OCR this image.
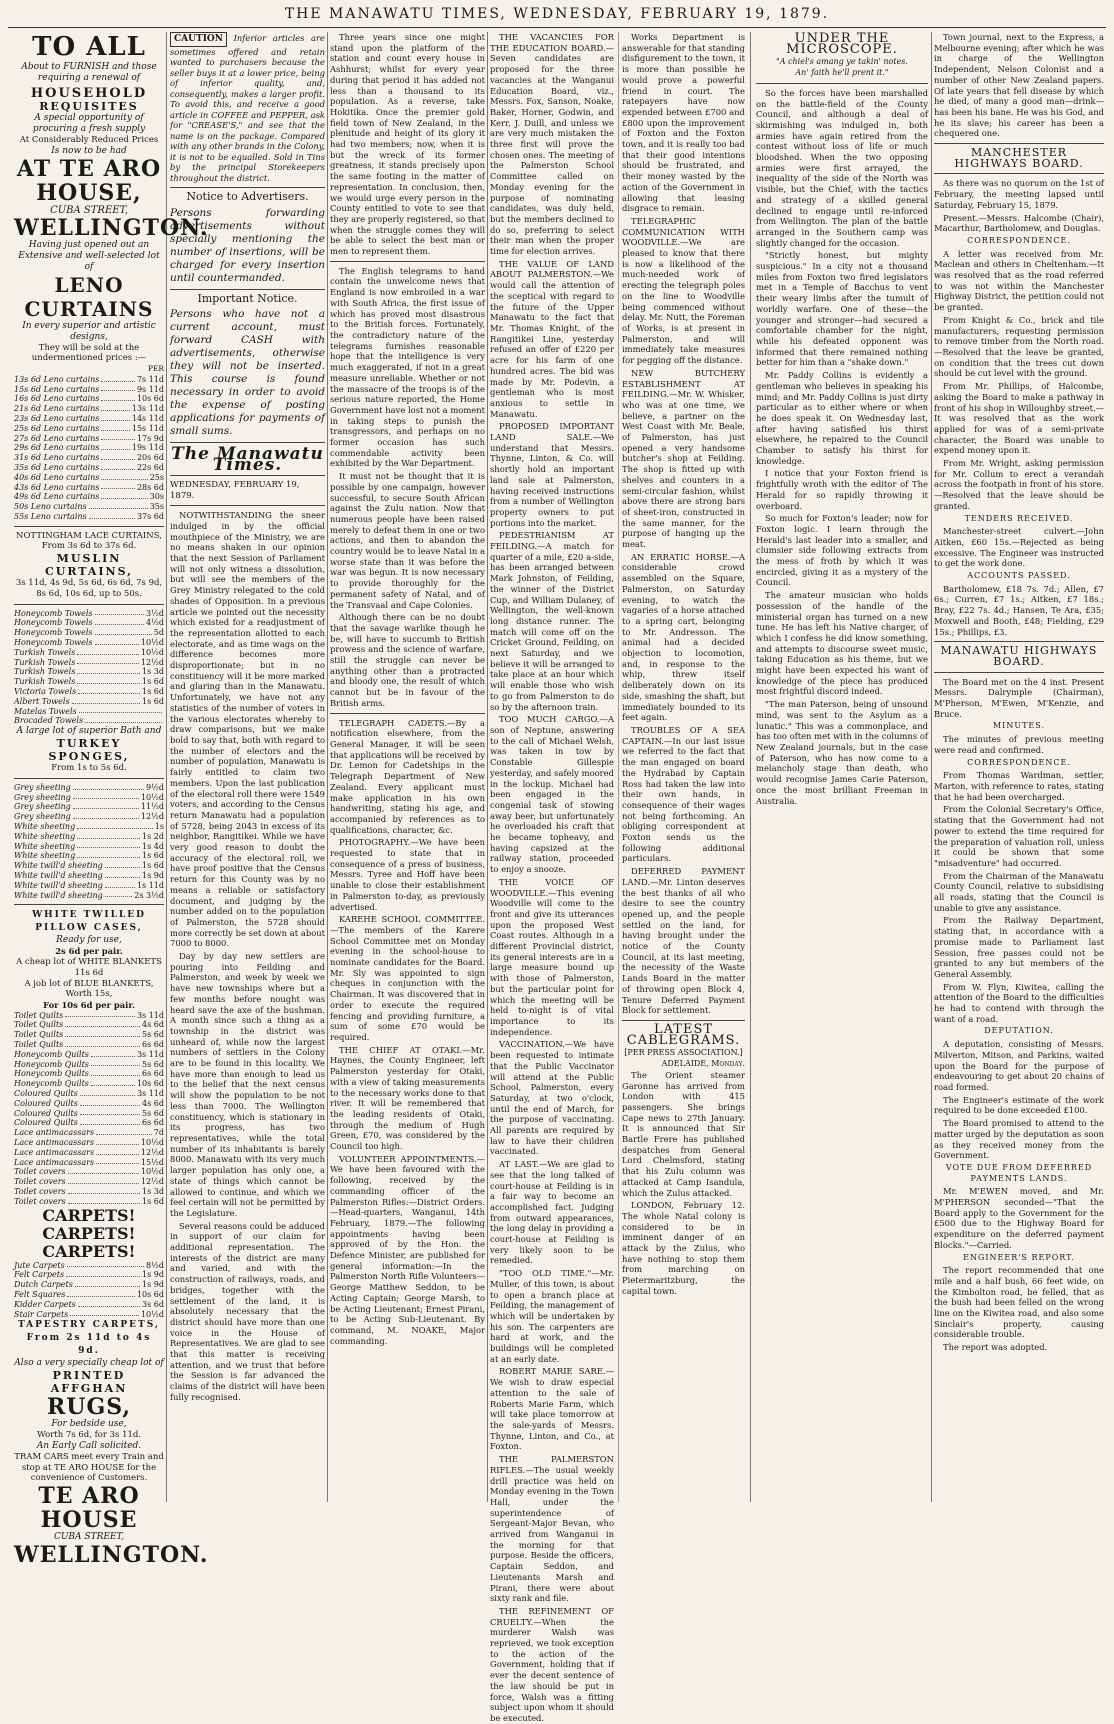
THE MANAWATU TIMES, WEDNESDAY, FEBRUARY 19, 1879.
TO ALL
About to FURNISH and those requiring a renewal of
HOUSEHOLD
REQUISITES
A special opportunity of procuring a fresh supply
At Considerably Reduced Prices
Is now to be had
AT TE ARO HOUSE,
CUBA STREET,
WELLINGTON.
Having just opened out an Extensive and well-selected lot of
LENO CURTAINS
In every superior and artistic designs,
They will be sold at the undermentioned prices :—
PER
13s 6d Leno curtains	7s 11d
15s 6d Leno curtains	9s 11d
16s 6d Leno curtains	10s 6d
21s 6d Leno curtains	13s 11d
23s 6d Leno curtains	14s 11d
25s 6d Leno curtains	15s 11d
27s 6d Leno curtains	17s 9d
29s 6d Leno curtains	19s 11d
31s 6d Leno curtains	20s 6d
35s 6d Leno curtains	22s 6d
40s 6d Leno curtains	25s
43s 6d Leno curtains	28s 6d
49s 6d Leno curtains	30s
50s Leno curtains	35s
55s Leno curtains	37s 6d
NOTTINGHAM LACE CURTAINS, From 3s 6d to 37s 6d.
MUSLIN CURTAINS,
3s 11d, 4s 9d, 5s 6d, 6s 6d, 7s 9d, 8s 6d, 10s 6d, up to 50s.
Honeycomb Towels	3½d
Honeycomb Towels	4½d
Honeycomb Towels	5d
Honeycomb Towels	10½d
Turkish Towels	10½d
Turkish Towels	12½d
Turkish Towels	1s 3d
Turkish Towels	1s 6d
Victoria Towels	1s 6d
Albert Towels	1s 6d
Matelas Towels
Brocaded Towels
A large lot of superior Bath and
TURKEY SPONGES,
From 1s to 5s 6d.
Grey sheeting	9½d
Grey sheeting	10½d
Grey sheeting	11½d
Grey sheeting	12½d
White sheeting	1s
White sheeting	1s 2d
White sheeting	1s 4d
White sheeting	1s 6d
White twill'd sheeting	1s 6d
White twill'd sheeting	1s 9d
White twill'd sheeting	1s 11d
White twill'd sheeting	2s 3½d
WHITE TWILLED PILLOW CASES,
Ready for use,
2s 6d per pair.
A cheap lot of WHITE BLANKETS 11s 6d
A job lot of BLUE BLANKETS,
Worth 15s,
For 10s 6d per pair.
Toilet Quilts	3s 11d
Toilet Quilts	4s 6d
Toilet Quilts	5s 6d
Toilet Quilts	6s 6d
Honeycomb Quilts	3s 11d
Honeycomb Quilts	5s 6d
Honeycomb Quilts	6s 6d
Honeycomb Quilts	10s 6d
Coloured Quilts	3s 11d
Coloured Quilts	4s 6d
Coloured Quilts	5s 6d
Coloured Quilts	6s 6d
Lace antimacassars	7d
Lace antimacassars	10½d
Lace antimacassars	12½d
Lace antimacassars	15½d
Toilet covers	10½d
Toilet covers	12½d
Toilet covers	1s 3d
Toilet covers	1s 6d
CARPETS! CARPETS! CARPETS!
Jute Carpets	8½d
Felt Carpets	1s 9d
Dutch Carpets	1s 9d
Felt Squares	10s 6d
Kidder Carpets	3s 6d
Stair Carpets	10½d
TAPESTRY CARPETS, From 2s 11d to 4s 9d.
Also a very specially cheap lot of
PRINTED AFFGHAN
RUGS,
For bedside use,
Worth 7s 6d, for 3s 11d.
An Early Call solicited.
TRAM CARS meet every Train and stop at TE ARO HOUSE for the convenience of Customers.
TE ARO HOUSE
CUBA STREET,
WELLINGTON.
CAUTION Inferior articles are sometimes offered and retain wanted to purchasers because the seller buys it at a lower price, being of inferior quality, and, consequently, makes a larger profit. To avoid this, and receive a good article in COFFEE and PEPPER, ask for "CREASE'S," and see that the name is on the package. Compared with any other brands in the Colony, it is not to be equalled. Sold in Tins by the principal Storekeepers throughout the district.
Notice to Advertisers.
Persons forwarding advertisements without specially mentioning the number of insertions, will be charged for every insertion until countermanded.
Important Notice.
Persons who have not a current account, must forward CASH with advertisements, otherwise they will not be inserted. This course is found necessary in order to avoid the expense of posting applications for payments of small sums.
The Manawatu Times.
WEDNESDAY, FEBRUARY 19, 1879.

NOTWITHSTANDING the sneer indulged in by the official mouthpiece of the Ministry, we are no means shaken in our opinion that the next Session of Parliament will not only witness a dissolution, but will see the members of the Grey Ministry relegated to the cold shades of Opposition. In a previous article we pointed out the necessity which existed for a readjustment of the representation allotted to each electorate, and as time wags on the difference becomes more disproportionate; but in no constituency will it be more marked and glaring than in the Manawatu. Unfortunately, we have not any statistics of the number of voters in the various electorates whereby to draw comparisons, but we make bold to say that, both with regard to the number of electors and the number of population, Manawatu is fairly entitled to claim two members. Upon the last publication of the electoral roll there were 1549 voters, and according to the Census return Manawatu had a population of 5728, being 2043 in excess of its neighbor, Rangitikei. While we have very good reason to doubt the accuracy of the electoral roll, we have proof positive that the Census return for this County was by no means a reliable or satisfactory document, and judging by the number added on to the population of Palmerston, the 5728 should more correctly be set down at about 7000 to 8000.

Day by day new settlers are pouring into Feilding and Palmerston, and week by week we have new townships where but a few months before nought was heard save the axe of the bushman. A month since such a thing as a township in the district was unheard of, while now the largest numbers of settlers in the Colony are to be found in this locality. We have more than enough to lead us to the belief that the next census will show the population to be not less than 7000. The Wellington constituency, which is stationary in its progress, has two representatives, while the total number of its inhabitants is barely 8000. Manawatu with its very much larger population has only one, a state of things which cannot be allowed to continue, and which we feel certain will not be permitted by the Legislature.

Several reasons could be adduced in support of our claim for additional representation. The interests of the district are many and varied, and with the construction of railways, roads, and bridges, together with the settlement of the land, it is absolutely necessary that the district should have more than one voice in the House of Representatives. We are glad to see that this matter is receiving attention, and we trust that before the Session is far advanced the claims of the district will have been fully recognised.

Three years since one might stand upon the platform of the station and count every house in Ashhurst; whilst for every year during that period it has added not less than a thousand to its population. As a reverse, take Hokitika. Once the premier gold field town of New Zealand, in the plenitude and height of its glory it had two members; now, when it is but the wreck of its former greatness, it stands precisely upon the same footing in the matter of representation. In conclusion, then, we would urge every person in the County entitled to vote to see that they are properly registered, so that when the struggle comes they will be able to select the best man or men to represent them.

The English telegrams to hand contain the unwelcome news that England is now embroiled in a war with South Africa, the first issue of which has proved most disastrous to the British forces. Fortunately, the contradictory nature of the telegrams furnishes reasonable hope that the intelligence is very much exaggerated, if not in a great measure unreliable. Whether or not the massacre of the troops is of the serious nature reported, the Home Government have lost not a moment in taking steps to punish the transgressors, and perhaps on no former occasion has such commendable activity been exhibited by the War Department.

It must not be thought that it is possible by one campaign, however successful, to secure South African against the Zulu nation. Now that numerous people have been raised merely to defeat them in one or two actions, and then to abandon the country would be to leave Natal in a worse state than it was before the war was begun. It is now necessary to provide thoroughly for the permanent safety of Natal, and of the Transvaal and Cape Colonies.

Although there can be no doubt that the savage warlike though he be, will have to succumb to British prowess and the science of warfare, still the struggle can never be anything other than a protracted and bloody one, the result of which cannot but be in favour of the British arms.

TELEGRAPH CADETS.—By a notification elsewhere, from the General Manager, it will be seen that applications will be received by Dr. Lemon for Cadetships in the Telegraph Department of New Zealand. Every applicant must make application in his own handwriting, stating his age, and accompanied by references as to qualifications, character, &c.

PHOTOGRAPHY.—We have been requested to state that in consequence of a press of business, Messrs. Tyree and Hoff have been unable to close their establishment in Palmerston to-day, as previously advertised.

KAREHE SCHOOL COMMITTEE.—The members of the Karere School Committee met on Monday evening in the school-house to nominate candidates for the Board. Mr. Sly was appointed to sign cheques in conjunction with the Chairman. It was discovered that in order to execute the required fencing and providing furniture, a sum of some £70 would be required.

THE CHIEF AT OTAKI.—Mr. Haynes, the County Engineer, left Palmerston yesterday for Otaki, with a view of taking measurements to the necessary works done to that river. It will be remembered that the leading residents of Otaki, through the medium of Hugh Green, £70, was considered by the Council too high.

VOLUNTEER APPOINTMENTS.—We have been favoured with the following, received by the commanding officer of the Palmerston Rifles:—District Orders.—Head-quarters, Wanganui, 14th February, 1879.—The following appointments having been approved of by the Hon. the Defence Minister, are published for general information:—In the Palmerston North Rifle Volunteers—George Matthew Seddon, to be Acting Captain; George Marsh, to be Acting Lieutenant; Ernest Pirani, to be Acting Sub-Lieutenant. By command, M. NOAKE, Major commanding.

THE VACANCIES FOR THE EDUCATION BOARD.—Seven candidates are proposed for the three vacancies at the Wanganui Education Board, viz., Messrs. Fox, Sanson, Noake, Baker, Horner, Godwin, and Kerr, J. Duill, and unless we are very much mistaken the three first will prove the chosen ones. The meeting of the Palmerston School Committee called on Monday evening for the purpose of nominating candidates, was duly held, but the members declined to do so, preferring to select their man when the proper time for election arrives.

THE VALUE OF LAND ABOUT PALMERSTON.—We would call the attention of the sceptical with regard to the future of the Upper Manawatu to the fact that Mr. Thomas Knight, of the Rangitikei Line, yesterday refused an offer of £220 per acre for his farm of one hundred acres. The bid was made by Mr. Podevin, a gentleman who is most anxious to settle in Manawatu.

PROPOSED IMPORTANT LAND SALE.—We understand that Messrs. Thynne, Linton, & Co. will shortly hold an important land sale at Palmerston, having received instructions from a number of Wellington property owners to put portions into the market.

PEDESTRIANISM AT FEILDING.—A match for quarter of a mile, £20 a-side, has been arranged between Mark Johnston, of Feilding, the winner of the District Cup, and William Dulaney, of Wellington, the well-known long distance runner. The match will come off on the Cricket Ground, Feilding, on next Saturday, and we believe it will be arranged to take place at an hour which will enable those who wish to go from Palmerston to do so by the afternoon train.

TOO MUCH CARGO.—A son of Neptune, answering to the call of Michael Welsh, was taken in tow by Constable Gillespie yesterday, and safely moored in the lockup. Michael had been engaged in the congenial task of stowing away beer, but unfortunately he overloaded his craft that he became topheavy, and having capsized at the railway station, proceeded to enjoy a snooze.

THE VOICE OF WOODVILLE.—This evening Woodville will come to the front and give its utterances upon the proposed West Coast routes. Although in a different Provincial district, its general interests are in a large measure bound up with those of Palmerston, but the particular point for which the meeting will be held to-night is of vital importance to its independence.

VACCINATION.—We have been requested to intimate that the Public Vaccinator will attend at the Public School, Palmerston, every Saturday, at two o'clock, until the end of March, for the purpose of vaccinating. All parents are required by law to have their children vaccinated.

AT LAST.—We are glad to see that the long talked of court-house at Feilding is in a fair way to become an accomplished fact. Judging from outward appearances, the long delay in providing a court-house at Feilding is very likely soon to be remedied.

"TOO OLD TIME."—Mr. Muller, of this town, is about to open a branch place at Feilding, the management of which will be undertaken by his son. The carpenters are hard at work, and the buildings will be completed at an early date.

ROBERT MARIE SARE.—We wish to draw especial attention to the sale of Roberts Marie Farm, which will take place tomorrow at the sale-yards of Messrs. Thynne, Linton, and Co., at Foxton.

THE PALMERSTON RIFLES.—The usual weekly drill practice was held on Monday evening in the Town Hall, under the superintendence of Sergeant-Major Bevan, who arrived from Wanganui in the morning for that purpose. Beside the officers, Captain Seddon, and Lieutenants Marsh and Pirani, there were about sixty rank and file.

THE REFINEMENT OF CRUELTY.—When the murderer Walsh was reprieved, we took exception to the action of the Government, holding that if ever the decent sentence of the law should be put in force, Walsh was a fitting subject upon whom it should be executed.

Works Department is answerable for that standing disfigurement to the town, it is more than possible he would prove a powerful friend in court. The ratepayers have now expended between £700 and £800 upon the improvement of Foxton and the Foxton town, and it is really too bad that their good intentions should be frustrated, and their money wasted by the action of the Government in allowing that leasing disgrace to remain.

TELEGRAPHIC COMMUNICATION WITH WOODVILLE.—We are pleased to know that there is now a likelihood of the much-needed work of erecting the telegraph poles on the line to Woodville being commenced without delay. Mr. Nutt, the Foreman of Works, is at present in Palmerston, and will immediately take measures for pegging off the distance.

NEW BUTCHERY ESTABLISHMENT AT FEILDING.—Mr. W. Whisker, who was at one time, we believe, a partner on the West Coast with Mr. Beale, of Palmerston, has just opened a very handsome butcher's shop at Feilding. The shop is fitted up with shelves and counters in a semi-circular fashion, whilst above there are strong bars of sheet-iron, constructed in the same manner, for the purpose of hanging up the meat.

AN ERRATIC HORSE.—A considerable crowd assembled on the Square, Palmerston, on Saturday evening, to watch the vagaries of a horse attached to a spring cart, belonging to Mr. Andresson. The animal had a decided objection to locomotion, and, in response to the whip, threw itself deliberately down on its side, smashing the shaft, but immediately bounded to its feet again.

TROUBLES OF A SEA CAPTAIN.—In our last issue we referred to the fact that the man engaged on board the Hydrabad by Captain Ross had taken the law into their own hands, in consequence of their wages not being forthcoming. An obliging correspondent at Foxton sends us the following additional particulars.

DEFERRED PAYMENT LAND.—Mr. Linton deserves the best thanks of all who desire to see the country opened up, and the people settled on the land, for having brought under the notice of the County Council, at its last meeting, the necessity of the Waste Lands Board in the matter of throwing open Block 4, Tenure Deferred Payment Block for settlement.

LATEST CABLEGRAMS.
[PER PRESS ASSOCIATION.]
ADELAIDE, Monday.

The Orient steamer Garonne has arrived from London with 415 passengers. She brings Cape news to 27th January. It is announced that Sir Bartle Frere has published despatches from General Lord Chelmsford, stating that his Zulu column was attacked at Camp Isandula, which the Zulus attacked.

LONDON, February 12. The whole Natal colony is considered to be in imminent danger of an attack by the Zulus, who have nothing to stop them from marching on Pietermaritzburg, the capital town.

UNDER THE MICROSCOPE.
"A chiel's amang ye takin' notes.
An' faith he'll prent it."

So the forces have been marshalled on the battle-field of the County Council, and although a deal of skirmishing was indulged in, both armies have again retired from the contest without loss of life or much bloodshed. When the two opposing armies were first arrayed, the inequality of the side of the North was visible, but the Chief, with the tactics and strategy of a skilled general declined to engage until re-inforced from Wellington. The plan of the battle arranged in the Southern camp was slightly changed for the occasion.

"Strictly honest, but mighty suspicious." In a city not a thousand miles from Foxton two fired legislators met in a Temple of Bacchus to vent their weary limbs after the tumult of worldly warfare. One of these—the younger and stronger—had secured a comfortable chamber for the night, while his defeated opponent was informed that there remained nothing better for him than a "shake down."

Mr. Paddy Collins is evidently a gentleman who believes in speaking his mind; and Mr. Paddy Collins is just dirty particular as to either where or when he does speak it. On Wednesday last, after having satisfied his thirst elsewhere, he repaired to the Council Chamber to satisfy his thirst for knowledge.

I notice that your Foxton friend is frightfully wroth with the editor of The Herald for so rapidly throwing it overboard.

So much for Foxton's leader; now for Foxton logic. I learn through the Herald's last leader into a smaller, and clumsier side following extracts from the mess of froth by which it was encircled, giving it as a mystery of the Council.

The amateur musician who holds possession of the handle of the ministerial organ has turned on a new tune. He has left his Native charger, of which I confess he did know something, and attempts to discourse sweet music, taking Education as his theme, but we might have been expected his want of knowledge of the piece has produced most frightful discord indeed.

"The man Paterson, being of unsound mind, was sent to the Asylum as a lunatic." This was a commonplace, and has too often met with in the columns of New Zealand journals, but in the case of Paterson, who has now come to a melancholy stage than death, who would recognise James Carie Paterson, once the most brilliant Freeman in Australia.

Town journal, next to the Express, a Melbourne evening; after which he was in charge of the Wellington Independent, Nelson Colonist and a number of other New Zealand papers. Of late years that fell disease by which he died, of many a good man—drink—has been his bane. He was his God, and he its slave; his career has been a chequered one.

MANCHESTER HIGHWAYS BOARD.

As there was no quorum on the 1st of February, the meeting lapsed until Saturday, February 15, 1879.

Present.—Messrs. Halcombe (Chair), Macarthur, Bartholomew, and Douglas.

CORRESPONDENCE.

A letter was received from Mr. Maclean and others in Cheltenham.—It was resolved that as the road referred to was not within the Manchester Highway District, the petition could not be granted.

From Knight & Co., brick and tile manufacturers, requesting permission to remove timber from the North road.—Resolved that the leave be granted, on condition that the trees cut down should be cut level with the ground.

From Mr. Phillips, of Halcombe, asking the Board to make a pathway in front of his shop in Willoughby street.—It was resolved that as the work applied for was of a semi-private character, the Board was unable to expend money upon it.

From Mr. Wright, asking permission for Mr. Collum to erect a verandah across the footpath in front of his store.—Resolved that the leave should be granted.

TENDERS RECEIVED.

Manchester-street culvert.—John Aitken, £60 15s.—Rejected as being excessive. The Engineer was instructed to get the work done.

ACCOUNTS PASSED.

Bartholomew, £18 7s. 7d.; Allen, £7 6s.; Curren, £7 1s.; Aitken, £7 18s.; Bray, £22 7s. 4d.; Hansen, Te Ara, £35; Moxwell and Booth, £48; Fielding, £29 15s.; Phillips, £3.

MANAWATU HIGHWAYS BOARD.

The Board met on the 4 inst. Present Messrs. Dalrymple (Chairman), M'Pherson, M'Ewen, M'Kenzie, and Bruce.

MINUTES.

The minutes of previous meeting were read and confirmed.

CORRESPONDENCE.

From Thomas Wardman, settler, Marton, with reference to rates, stating that he had been overcharged.

From the Colonial Secretary's Office, stating that the Government had not power to extend the time required for the preparation of valuation roll, unless it could be shown that some "misadventure" had occurred.

From the Chairman of the Manawatu County Council, relative to subsidising all roads, stating that the Council is unable to give any assistance.

From the Railway Department, stating that, in accordance with a promise made to Parliament last Session, free passes could not be granted to any but members of the General Assembly.

From W. Flyn, Kiwitea, calling the attention of the Board to the difficulties he had to contend with through the want of a road.

DEPUTATION.

A deputation, consisting of Messrs. Milverton, Mitson, and Parkins, waited upon the Board for the purpose of endeavouring to get about 20 chains of road formed.

The Engineer's estimate of the work required to be done exceeded £100.

The Board promised to attend to the matter urged by the deputation as soon as they received money from the Government.

VOTE DUE FROM DEFERRED PAYMENTS LANDS.

Mr. M'EWEN moved, and Mr. M'PHERSON seconded—"That the Board apply to the Government for the £500 due to the Highway Board for expenditure on the deferred payment Blocks."—Carried.

ENGINEER'S REPORT.

The report recommended that one mile and a half bush, 66 feet wide, on the Kimbolton road, be felled, that as the bush had been felled on the wrong line on the Kiwitea road, and also some Sinclair's property, causing considerable trouble.

The report was adopted.
